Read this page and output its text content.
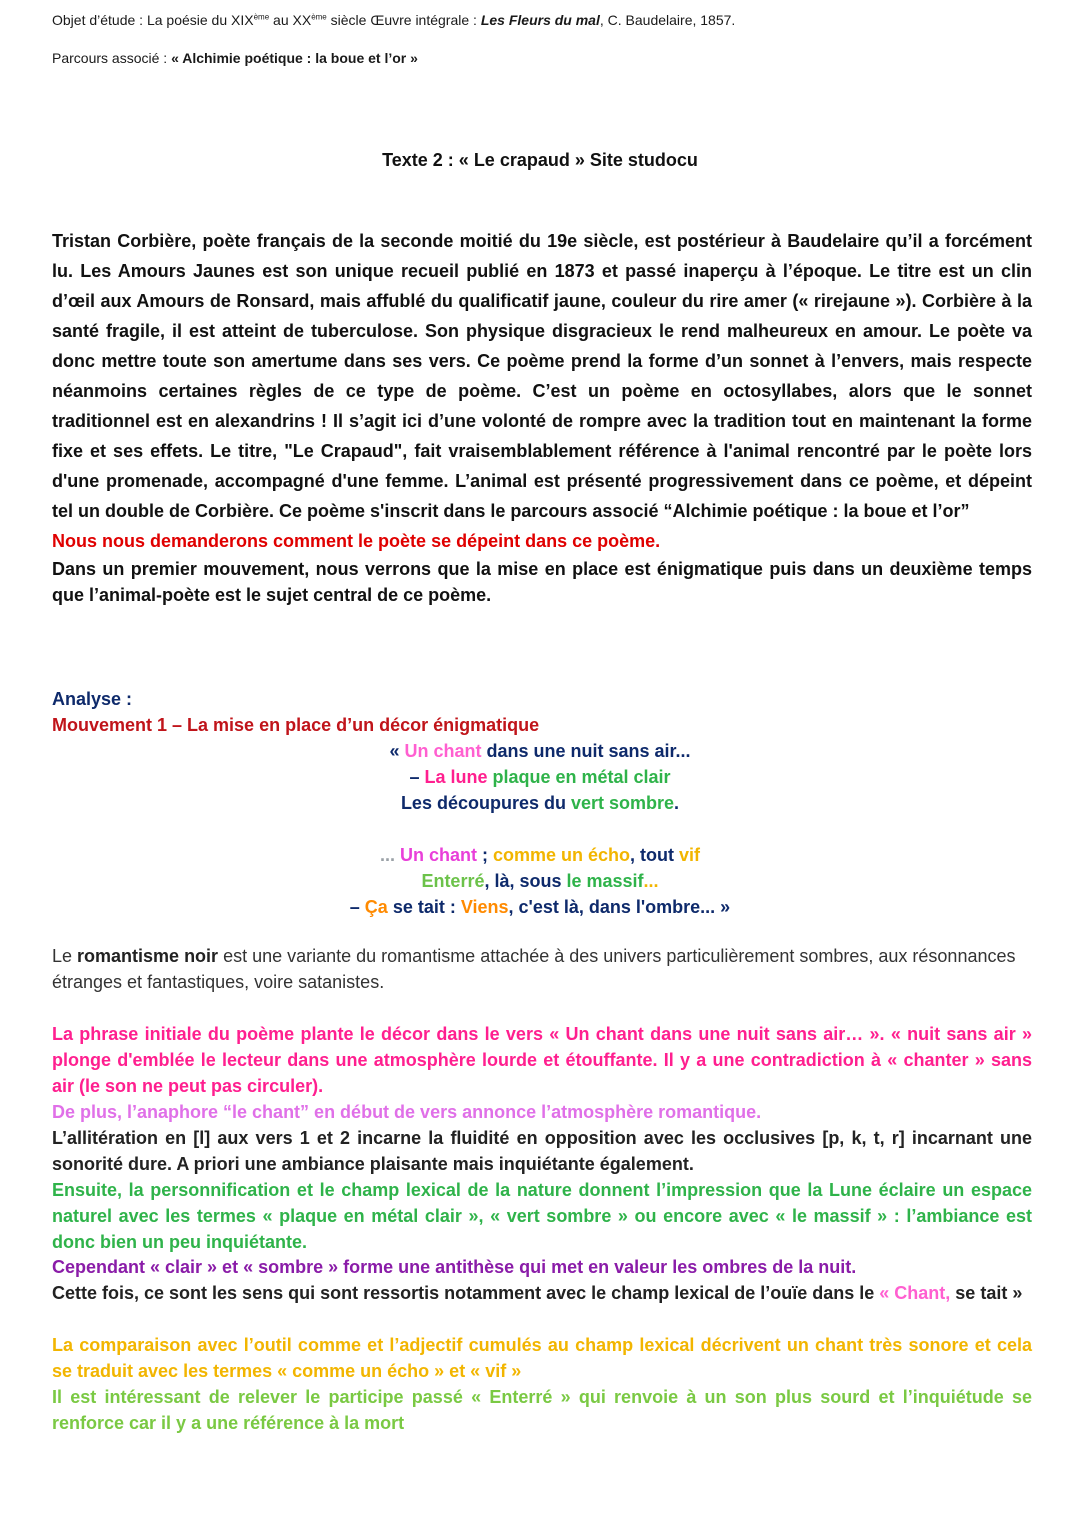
Objet d’étude : La poésie du XIXème au XXème siècle Œuvre intégrale : Les Fleurs du mal, C. Baudelaire, 1857.
Parcours associé : « Alchimie poétique : la boue et l’or »
Texte 2 : « Le crapaud » Site studocu
Tristan Corbière, poète français de la seconde moitié du 19e siècle, est postérieur à Baudelaire qu’il a forcément lu. Les Amours Jaunes est son unique recueil publié en 1873 et passé inaperçu à l’époque. Le titre est un clin d’œil aux Amours de Ronsard, mais affublé du qualificatif jaune, couleur du rire amer (« rirejaune »). Corbière à la santé fragile, il est atteint de tuberculose. Son physique disgracieux le rend malheureux en amour. Le poète va donc mettre toute son amertume dans ses vers. Ce poème prend la forme d’un sonnet à l’envers, mais respecte néanmoins certaines règles de ce type de poème. C’est un poème en octosyllabes, alors que le sonnet traditionnel est en alexandrins ! Il s’agit ici d’une volonté de rompre avec la tradition tout en maintenant la forme fixe et ses effets. Le titre, "Le Crapaud", fait vraisemblablement référence à l'animal rencontré par le poète lors d'une promenade, accompagné d'une femme. L’animal est présenté progressivement dans ce poème, et dépeint tel un double de Corbière. Ce poème s'inscrit dans le parcours associé “Alchimie poétique : la boue et l’or”
Nous nous demanderons comment le poète se dépeint dans ce poème.
Dans un premier mouvement, nous verrons que la mise en place est énigmatique puis dans un deuxième temps que l’animal-poète est le sujet central de ce poème.
Analyse :
Mouvement 1 – La mise en place d’un décor énigmatique
« Un chant dans une nuit sans air...
– La lune plaque en métal clair
Les découpures du vert sombre.
... Un chant ; comme un écho, tout vif
Enterré, là, sous le massif...
– Ça se tait : Viens, c'est là, dans l'ombre... »
Le romantisme noir est une variante du romantisme attachée à des univers particulièrement sombres, aux résonnances étranges et fantastiques, voire satanistes.
La phrase initiale du poème plante le décor dans le vers « Un chant dans une nuit sans air… ». « nuit sans air » plonge d'emblée le lecteur dans une atmosphère lourde et étouffante. Il y a une contradiction à « chanter » sans air (le son ne peut pas circuler).
De plus, l’anaphore “le chant” en début de vers annonce l’atmosphère romantique.
L’allitération en [l] aux vers 1 et 2 incarne la fluidité en opposition avec les occlusives [p, k, t, r] incarnant une sonorité dure. A priori une ambiance plaisante mais inquiétante également.
Ensuite, la personnification et le champ lexical de la nature donnent l’impression que la Lune éclaire un espace naturel avec les termes « plaque en métal clair », « vert sombre » ou encore avec « le massif » : l’ambiance est donc bien un peu inquiétante.
Cependant « clair » et « sombre » forme une antithèse qui met en valeur les ombres de la nuit.
Cette fois, ce sont les sens qui sont ressortis notamment avec le champ lexical de l’ouïe dans le « Chant, se tait »
La comparaison avec l’outil comme et l’adjectif cumulés au champ lexical décrivent un chant très sonore et cela se traduit avec les termes « comme un écho » et « vif »
Il est intéressant de relever le participe passé « Enterré » qui renvoie à un son plus sourd et l’inquiétude se renforce car il y a une référence à la mort
